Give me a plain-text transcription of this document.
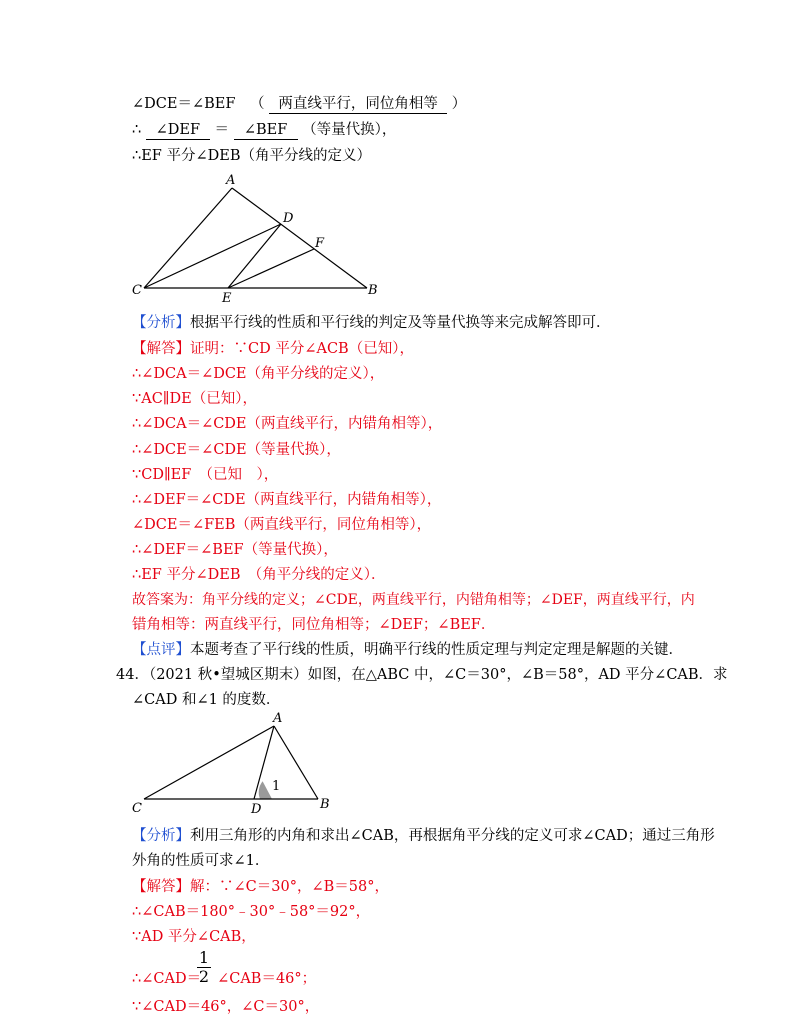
∠DCE＝∠BEF （ 两直线平行，同位角相等 ）
∴ ∠DEF ＝ ∠BEF （等量代换），
∴EF 平分∠DEB（角平分线的定义）
A
D
F
C
E
B
【分析】根据平行线的性质和平行线的判定及等量代换等来完成解答即可．
【解答】证明：∵CD 平分∠ACB（已知），
∴∠DCA＝∠DCE（角平分线的定义），
∵AC∥DE（已知），
∴∠DCA＝∠CDE（两直线平行，内错角相等），
∴∠DCE＝∠CDE（等量代换），
∵CD∥EF　（已知　），
∴∠DEF＝∠CDE（两直线平行，内错角相等），
∠DCE＝∠FEB（两直线平行，同位角相等），
∴∠DEF＝∠BEF（等量代换），
∴EF 平分∠DEB　（角平分线的定义）．
故答案为：角平分线的定义；∠CDE，两直线平行，内错角相等；∠DEF，两直线平行，内
错角相等：两直线平行，同位角相等；∠DEF；∠BEF．
【点评】本题考查了平行线的性质，明确平行线的性质定理与判定定理是解题的关键．
44．（2021 秋•望城区期末）如图，在△ABC 中，∠C＝30°，∠B＝58°，AD 平分∠CAB．求
∠CAD 和∠1 的度数．
A
1
C	D	B
【分析】利用三角形的内角和求出∠CAB，再根据角平分线的定义可求∠CAD；通过三角形
外角的性质可求∠1．
【解答】解：∵∠C＝30°，∠B＝58°，
∴∠CAB＝180°﹣30°﹣58°＝92°，
∵AD 平分∠CAB，
1
2
∴∠CAD＝ ∠CAB＝46°；
∵∠CAD＝46°，∠C＝30°，
